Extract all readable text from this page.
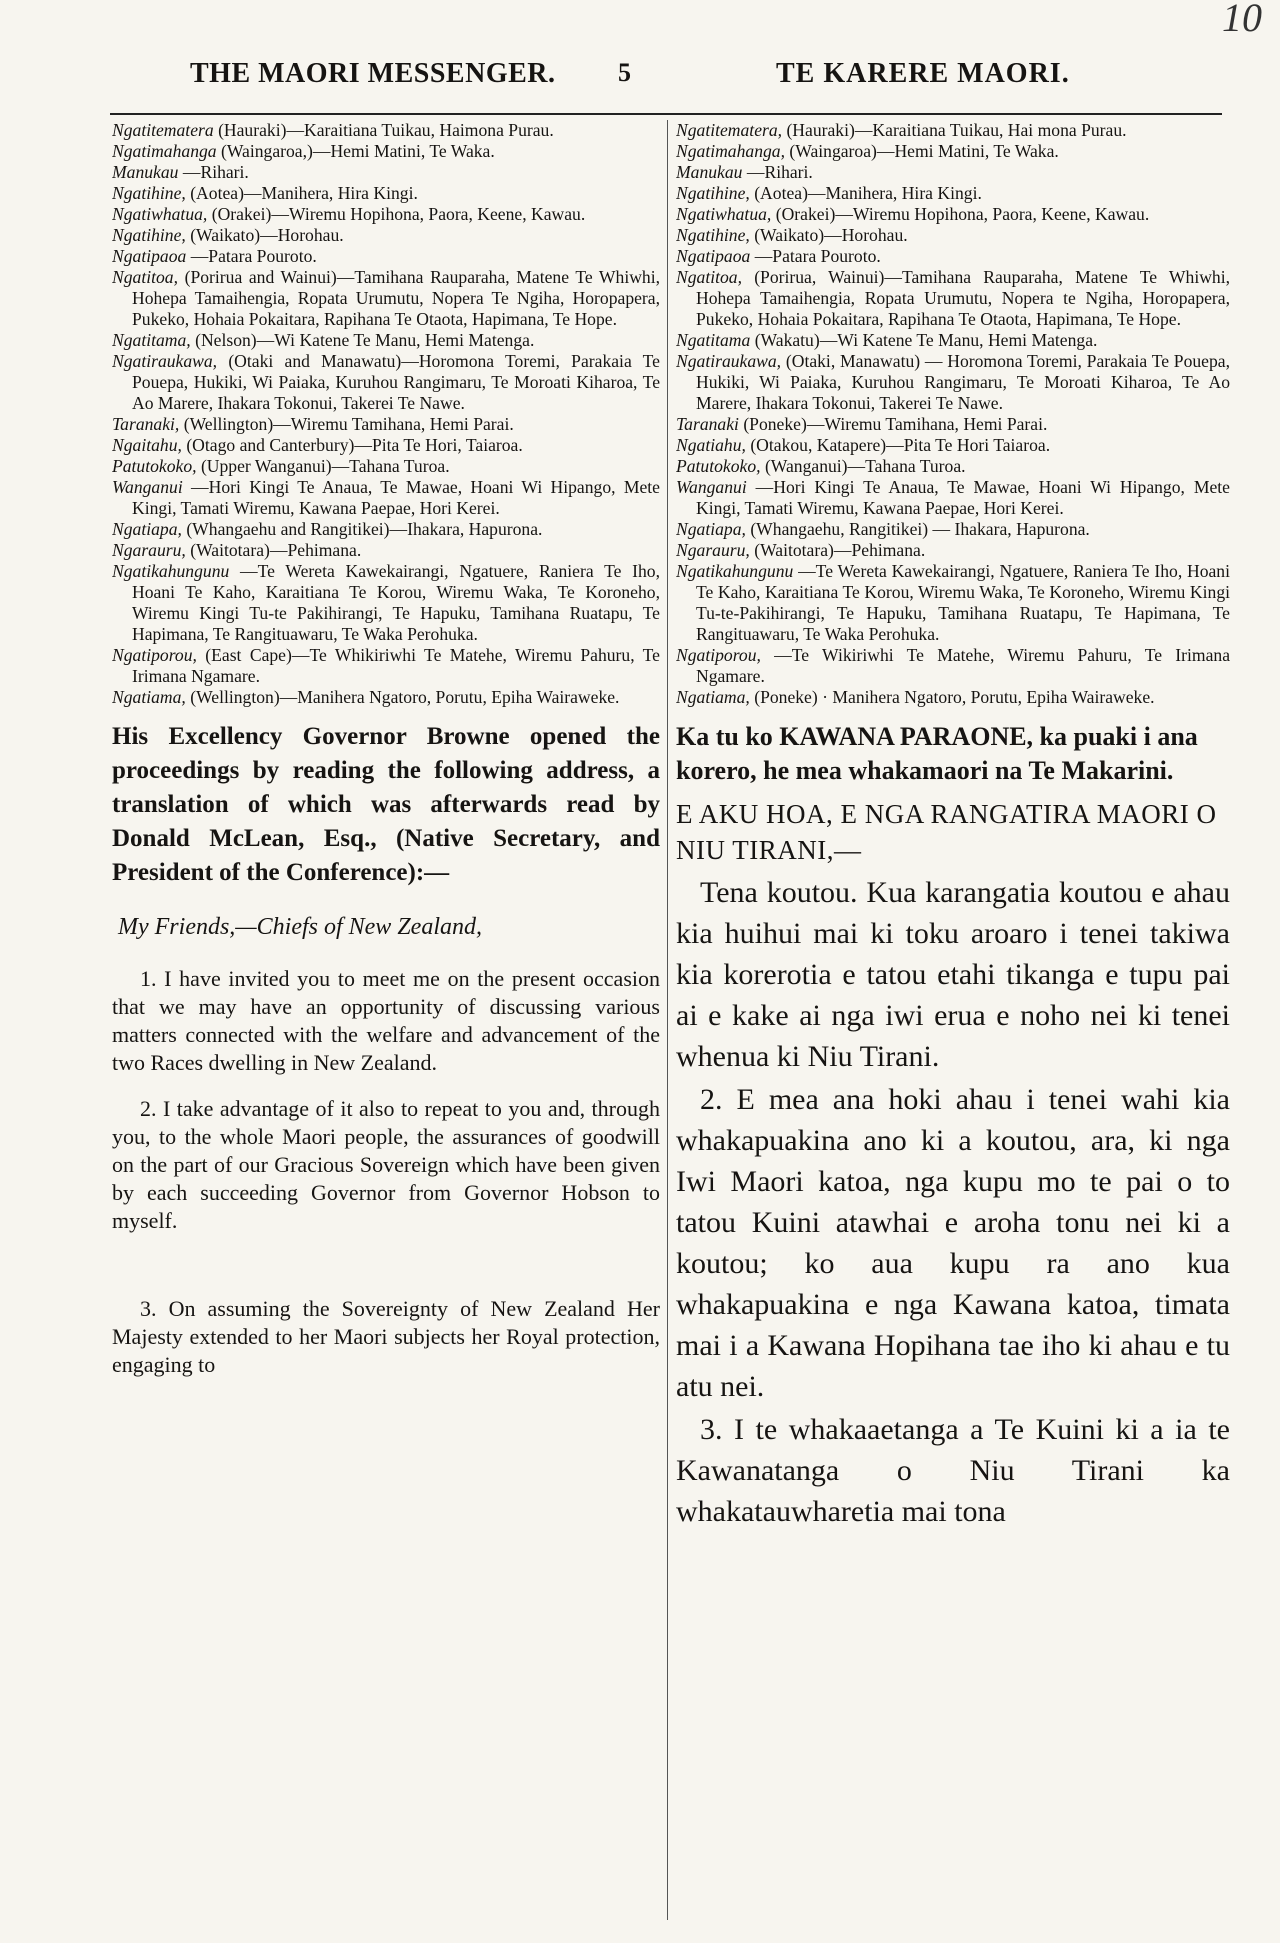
10
THE MAORI MESSENGER. 5	TE KARERE MAORI.

Ngatitematera (Hauraki)—Karaitiana Tuikau, Haimona Purau.

Ngatimahanga (Waingaroa,)—Hemi Matini, Te Waka.

Manukau —Rihari.

Ngatihine, (Aotea)—Manihera, Hira Kingi.

Ngatiwhatua, (Orakei)—Wiremu Hopihona, Paora, Keene, Kawau.

Ngatihine, (Waikato)—Horohau.

Ngatipaoa —Patara Pouroto.

Ngatitoa, (Porirua and Wainui)—Tamihana Rauparaha, Matene Te Whiwhi, Hohepa Tamaihengia, Ropata Urumutu, Nopera Te Ngiha, Horopapera, Pukeko, Hohaia Pokaitara, Rapihana Te Otaota, Hapimana, Te Hope.

Ngatitama, (Nelson)—Wi Katene Te Manu, Hemi Matenga.

Ngatiraukawa, (Otaki and Manawatu)—Horomona Toremi, Parakaia Te Pouepa, Hukiki, Wi Paiaka, Kuruhou Rangimaru, Te Moroati Kiharoa, Te Ao Marere, Ihakara Tokonui, Takerei Te Nawe.

Taranaki, (Wellington)—Wiremu Tamihana, Hemi Parai.

Ngaitahu, (Otago and Canterbury)—Pita Te Hori, Taiaroa.

Patutokoko, (Upper Wanganui)—Tahana Turoa.

Wanganui —Hori Kingi Te Anaua, Te Mawae, Hoani Wi Hipango, Mete Kingi, Tamati Wiremu, Kawana Paepae, Hori Kerei.

Ngatiapa, (Whangaehu and Rangitikei)—Ihakara, Hapurona.

Ngarauru, (Waitotara)—Pehimana.

Ngatikahungunu —Te Wereta Kawekairangi, Ngatuere, Raniera Te Iho, Hoani Te Kaho, Karaitiana Te Korou, Wiremu Waka, Te Koroneho, Wiremu Kingi Tu-te Pakihirangi, Te Hapuku, Tamihana Ruatapu, Te Hapimana, Te Rangituawaru, Te Waka Perohuka.

Ngatiporou, (East Cape)—Te Whikiriwhi Te Matehe, Wiremu Pahuru, Te Irimana Ngamare.

Ngatiama, (Wellington)—Manihera Ngatoro, Porutu, Epiha Wairaweke.

His Excellency Governor Browne opened the proceedings by reading the following address, a translation of which was afterwards read by Donald McLean, Esq., (Native Secretary, and President of the Conference):—

My Friends,—Chiefs of New Zealand,

1. I have invited you to meet me on the present occasion that we may have an opportunity of discussing various matters connected with the welfare and advancement of the two Races dwelling in New Zealand.

2. I take advantage of it also to repeat to you and, through you, to the whole Maori people, the assurances of goodwill on the part of our Gracious Sovereign which have been given by each succeeding Governor from Governor Hobson to myself.

3. On assuming the Sovereignty of New Zealand Her Majesty extended to her Maori subjects her Royal protection, engaging to

Ngatitematera, (Hauraki)—Karaitiana Tuikau, Hai mona Purau.

Ngatimahanga, (Waingaroa)—Hemi Matini, Te Waka.

Manukau —Rihari.

Ngatihine, (Aotea)—Manihera, Hira Kingi.

Ngatiwhatua, (Orakei)—Wiremu Hopihona, Paora, Keene, Kawau.

Ngatihine, (Waikato)—Horohau.

Ngatipaoa —Patara Pouroto.

Ngatitoa, (Porirua, Wainui)—Tamihana Rauparaha, Matene Te Whiwhi, Hohepa Tamaihengia, Ropata Urumutu, Nopera te Ngiha, Horopapera, Pukeko, Hohaia Pokaitara, Rapihana Te Otaota, Hapimana, Te Hope.

Ngatitama (Wakatu)—Wi Katene Te Manu, Hemi Matenga.

Ngatiraukawa, (Otaki, Manawatu) — Horomona Toremi, Parakaia Te Pouepa, Hukiki, Wi Paiaka, Kuruhou Rangimaru, Te Moroati Kiharoa, Te Ao Marere, Ihakara Tokonui, Takerei Te Nawe.

Taranaki (Poneke)—Wiremu Tamihana, Hemi Parai.

Ngatiahu, (Otakou, Katapere)—Pita Te Hori Taiaroa.

Patutokoko, (Wanganui)—Tahana Turoa.

Wanganui —Hori Kingi Te Anaua, Te Mawae, Hoani Wi Hipango, Mete Kingi, Tamati Wiremu, Kawana Paepae, Hori Kerei.

Ngatiapa, (Whangaehu, Rangitikei) — Ihakara, Hapurona.

Ngarauru, (Waitotara)—Pehimana.

Ngatikahungunu —Te Wereta Kawekairangi, Ngatuere, Raniera Te Iho, Hoani Te Kaho, Karaitiana Te Korou, Wiremu Waka, Te Koroneho, Wiremu Kingi Tu-te-Pakihirangi, Te Hapuku, Tamihana Ruatapu, Te Hapimana, Te Rangituawaru, Te Waka Perohuka.

Ngatiporou, —Te Wikiriwhi Te Matehe, Wiremu Pahuru, Te Irimana Ngamare.

Ngatiama, (Poneke) · Manihera Ngatoro, Porutu, Epiha Wairaweke.

Ka tu ko KAWANA PARAONE, ka puaki i ana korero, he mea whakamaori na Te Makarini.

E AKU HOA, E NGA RANGATIRA MAORI O NIU TIRANI,—

Tena koutou. Kua karangatia koutou e ahau kia huihui mai ki toku aroaro i tenei takiwa kia korerotia e tatou etahi tikanga e tupu pai ai e kake ai nga iwi erua e noho nei ki tenei whenua ki Niu Tirani.

2. E mea ana hoki ahau i tenei wahi kia whakapuakina ano ki a koutou, ara, ki nga Iwi Maori katoa, nga kupu mo te pai o to tatou Kuini atawhai e aroha tonu nei ki a koutou; ko aua kupu ra ano kua whakapuakina e nga Kawana katoa, timata mai i a Kawana Hopihana tae iho ki ahau e tu atu nei.

3. I te whakaaetanga a Te Kuini ki a ia te Kawanatanga o Niu Tirani ka whakatauwharetia mai tona
